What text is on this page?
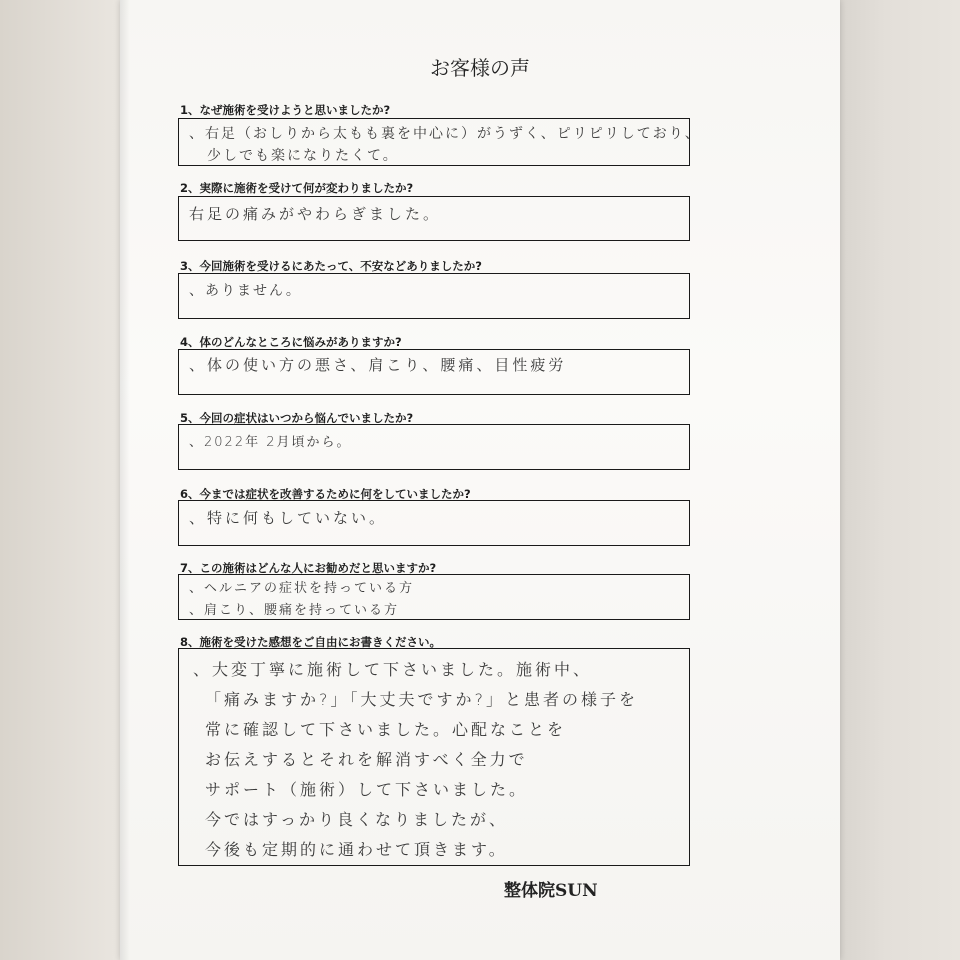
お客様の声
1、なぜ施術を受けようと思いましたか?
、右足（おしりから太もも裏を中心に）がうずく、ピリピリしており、
少しでも楽になりたくて。
2、実際に施術を受けて何が変わりましたか?
右足の痛みがやわらぎました。
3、今回施術を受けるにあたって、不安などありましたか?
、ありません。
4、体のどんなところに悩みがありますか?
、体の使い方の悪さ、肩こり、腰痛、目性疲労
5、今回の症状はいつから悩んでいましたか?
、2022年 2月頃から。
6、今までは症状を改善するために何をしていましたか?
、特に何もしていない。
7、この施術はどんな人にお勧めだと思いますか?
、ヘルニアの症状を持っている方
、肩こり、腰痛を持っている方
8、施術を受けた感想をご自由にお書きください。
、大変丁寧に施術して下さいました。施術中、
「痛みますか?」「大丈夫ですか?」と患者の様子を
常に確認して下さいました。心配なことを
お伝えするとそれを解消すべく全力で
サポート（施術）して下さいました。
今ではすっかり良くなりましたが、
今後も定期的に通わせて頂きます。
整体院SUN
